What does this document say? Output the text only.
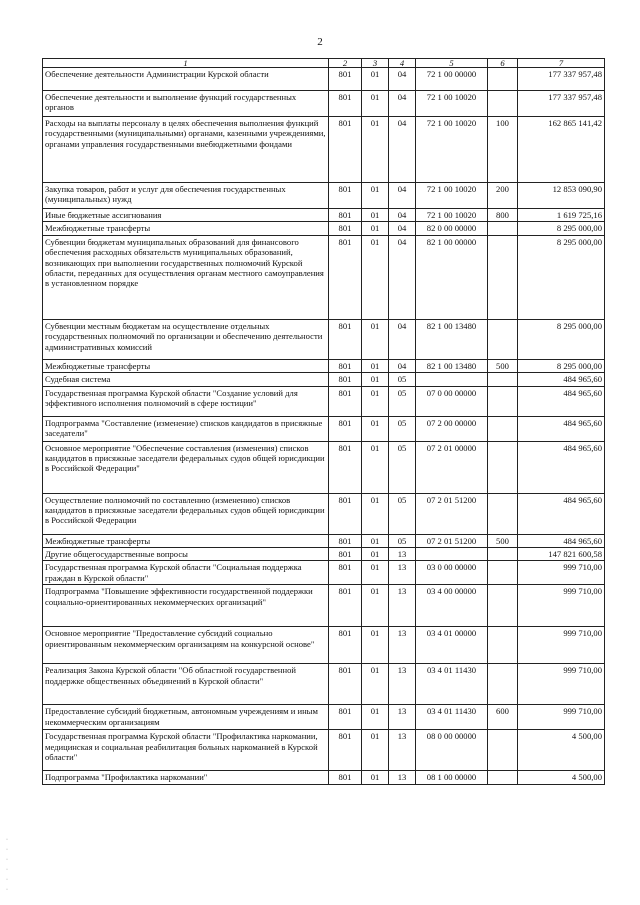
2
1	2	3	4	5	6	7
Обеспечение деятельности Администрации Курской области	801	01	04	72 1 00 00000		177 337 957,48
Обеспечение деятельности и выполнение функций государственных органов	801	01	04	72 1 00 10020		177 337 957,48
Расходы на выплаты персоналу в целях обеспечения выполнения функций государственными (муниципальными) органами, казенными учреждениями, органами управления государственными внебюджетными фондами	801	01	04	72 1 00 10020	100	162 865 141,42
Закупка товаров, работ и услуг для обеспечения государственных (муниципальных) нужд	801	01	04	72 1 00 10020	200	12 853 090,90
Иные бюджетные ассигнования	801	01	04	72 1 00 10020	800	1 619 725,16
Межбюджетные трансферты	801	01	04	82 0 00 00000		8 295 000,00
Субвенции бюджетам муниципальных образований для финансового обеспечения расходных обязательств муниципальных образований, возникающих при выполнении государственных полномочий Курской области, переданных для осуществления органам местного самоуправления в установленном порядке	801	01	04	82 1 00 00000		8 295 000,00
Субвенции местным бюджетам на осуществление отдельных государственных полномочий по организации и обеспечению деятельности административных комиссий	801	01	04	82 1 00 13480		8 295 000,00
Межбюджетные трансферты	801	01	04	82 1 00 13480	500	8 295 000,00
Судебная система	801	01	05			484 965,60
Государственная программа Курской области "Создание условий для эффективного исполнения полномочий в сфере юстиции"	801	01	05	07 0 00 00000		484 965,60
Подпрограмма "Составление (изменение) списков кандидатов в присяжные заседатели"	801	01	05	07 2 00 00000		484 965,60
Основное мероприятие "Обеспечение составления (изменения) списков кандидатов в присяжные заседатели федеральных судов общей юрисдикции в Российской Федерации"	801	01	05	07 2 01 00000		484 965,60
Осуществление полномочий по составлению (изменению) списков кандидатов в присяжные заседатели федеральных судов общей юрисдикции в Российской Федерации	801	01	05	07 2 01 51200		484 965,60
Межбюджетные трансферты	801	01	05	07 2 01 51200	500	484 965,60
Другие общегосударственные вопросы	801	01	13			147 821 600,58
Государственная программа Курской области "Социальная поддержка граждан в Курской области"	801	01	13	03 0 00 00000		999 710,00
Подпрограмма "Повышение эффективности государственной поддержки социально-ориентированных некоммерческих организаций"	801	01	13	03 4 00 00000		999 710,00
Основное мероприятие "Предоставление субсидий социально ориентированным некоммерческим организациям на конкурсной основе"	801	01	13	03 4 01 00000		999 710,00
Реализация Закона Курской области "Об областной государственной поддержке общественных объединений в Курской области"	801	01	13	03 4 01 11430		999 710,00
Предоставление субсидий бюджетным, автономным учреждениям и иным некоммерческим организациям	801	01	13	03 4 01 11430	600	999 710,00
Государственная программа Курской области "Профилактика наркомании, медицинская и социальная реабилитация больных наркоманией в Курской области"	801	01	13	08 0 00 00000		4 500,00
Подпрограмма "Профилактика наркомании"	801	01	13	08 1 00 00000		4 500,00
·
·
·
·
·
·
